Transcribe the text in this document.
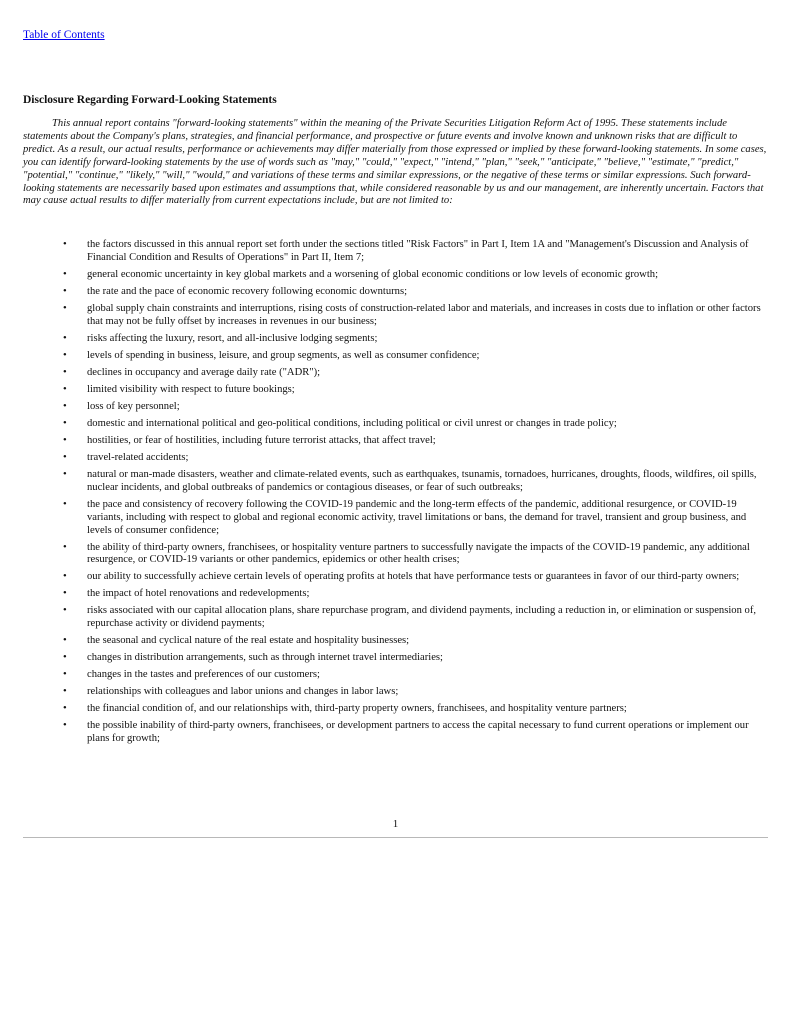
Table of Contents
Disclosure Regarding Forward-Looking Statements

This annual report contains "forward-looking statements" within the meaning of the Private Securities Litigation Reform Act of 1995. These statements include statements about the Company's plans, strategies, and financial performance, and prospective or future events and involve known and unknown risks that are difficult to predict. As a result, our actual results, performance or achievements may differ materially from those expressed or implied by these forward-looking statements. In some cases, you can identify forward-looking statements by the use of words such as "may," "could," "expect," "intend," "plan," "seek," "anticipate," "believe," "estimate," "predict," "potential," "continue," "likely," "will," "would," and variations of these terms and similar expressions, or the negative of these terms or similar expressions. Such forward-looking statements are necessarily based upon estimates and assumptions that, while considered reasonable by us and our management, are inherently uncertain. Factors that may cause actual results to differ materially from current expectations include, but are not limited to:

• the factors discussed in this annual report set forth under the sections titled "Risk Factors" in Part I, Item 1A and "Management's Discussion and Analysis of Financial Condition and Results of Operations" in Part II, Item 7;
• general economic uncertainty in key global markets and a worsening of global economic conditions or low levels of economic growth;
• the rate and the pace of economic recovery following economic downturns;
• global supply chain constraints and interruptions, rising costs of construction-related labor and materials, and increases in costs due to inflation or other factors that may not be fully offset by increases in revenues in our business;
• risks affecting the luxury, resort, and all-inclusive lodging segments;
• levels of spending in business, leisure, and group segments, as well as consumer confidence;
• declines in occupancy and average daily rate ("ADR");
• limited visibility with respect to future bookings;
• loss of key personnel;
• domestic and international political and geo-political conditions, including political or civil unrest or changes in trade policy;
• hostilities, or fear of hostilities, including future terrorist attacks, that affect travel;
• travel-related accidents;
• natural or man-made disasters, weather and climate-related events, such as earthquakes, tsunamis, tornadoes, hurricanes, droughts, floods, wildfires, oil spills, nuclear incidents, and global outbreaks of pandemics or contagious diseases, or fear of such outbreaks;
• the pace and consistency of recovery following the COVID-19 pandemic and the long-term effects of the pandemic, additional resurgence, or COVID-19 variants, including with respect to global and regional economic activity, travel limitations or bans, the demand for travel, transient and group business, and levels of consumer confidence;
• the ability of third-party owners, franchisees, or hospitality venture partners to successfully navigate the impacts of the COVID-19 pandemic, any additional resurgence, or COVID-19 variants or other pandemics, epidemics or other health crises;
• our ability to successfully achieve certain levels of operating profits at hotels that have performance tests or guarantees in favor of our third-party owners;
• the impact of hotel renovations and redevelopments;
• risks associated with our capital allocation plans, share repurchase program, and dividend payments, including a reduction in, or elimination or suspension of, repurchase activity or dividend payments;
• the seasonal and cyclical nature of the real estate and hospitality businesses;
• changes in distribution arrangements, such as through internet travel intermediaries;
• changes in the tastes and preferences of our customers;
• relationships with colleagues and labor unions and changes in labor laws;
• the financial condition of, and our relationships with, third-party property owners, franchisees, and hospitality venture partners;
• the possible inability of third-party owners, franchisees, or development partners to access the capital necessary to fund current operations or implement our plans for growth;
1
